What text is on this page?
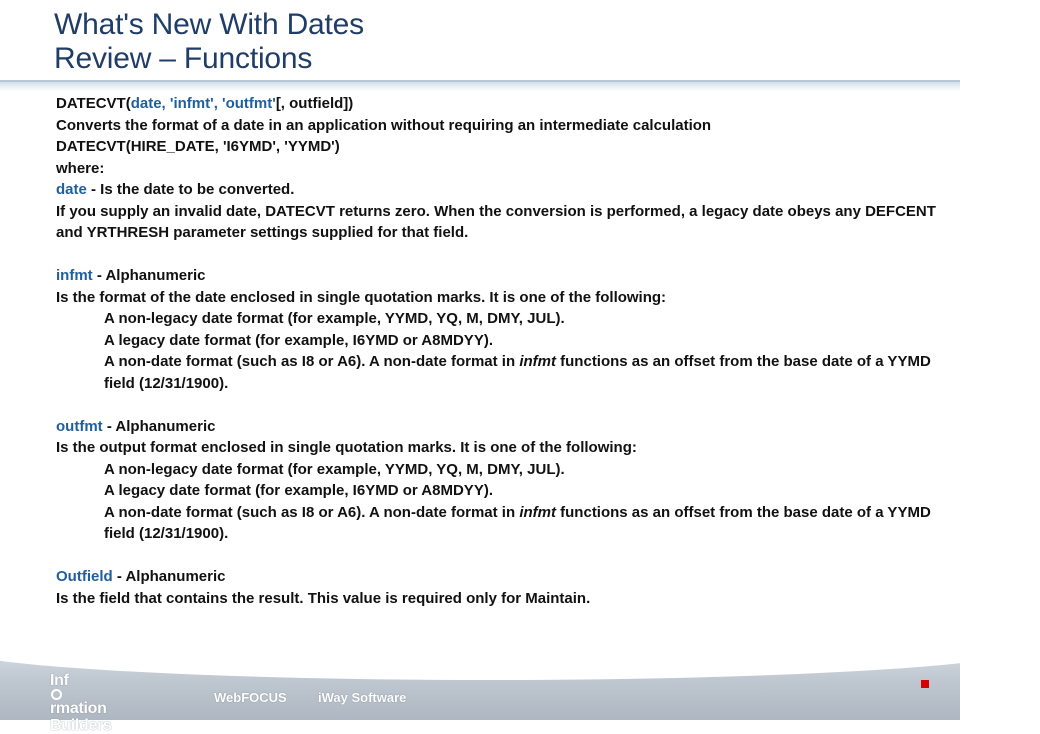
What's New With Dates
Review – Functions

DATECVT(date, 'infmt', 'outfmt'[, outfield])

Converts the format of a date in an application without requiring an intermediate calculation

DATECVT(HIRE_DATE, 'I6YMD', 'YYMD')

where:

date - Is the date to be converted.

If you supply an invalid date, DATECVT returns zero. When the conversion is performed, a legacy date obeys any DEFCENT and YRTHRESH parameter settings supplied for that field.

infmt - Alphanumeric

Is the format of the date enclosed in single quotation marks. It is one of the following:

A non-legacy date format (for example, YYMD, YQ, M, DMY, JUL).

A legacy date format (for example, I6YMD or A8MDYY).

A non-date format (such as I8 or A6). A non-date format in infmt functions as an offset from the base date of a YYMD field (12/31/1900).

outfmt - Alphanumeric

Is the output format enclosed in single quotation marks. It is one of the following:

A non-legacy date format (for example, YYMD, YQ, M, DMY, JUL).

A legacy date format (for example, I6YMD or A8MDYY).

A non-date format (such as I8 or A6). A non-date format in infmt functions as an offset from the base date of a YYMD field (12/31/1900).

Outfield - Alphanumeric

Is the field that contains the result. This value is required only for Maintain.

Inf
rmation
Builders
WebFOCUS iWay Software
